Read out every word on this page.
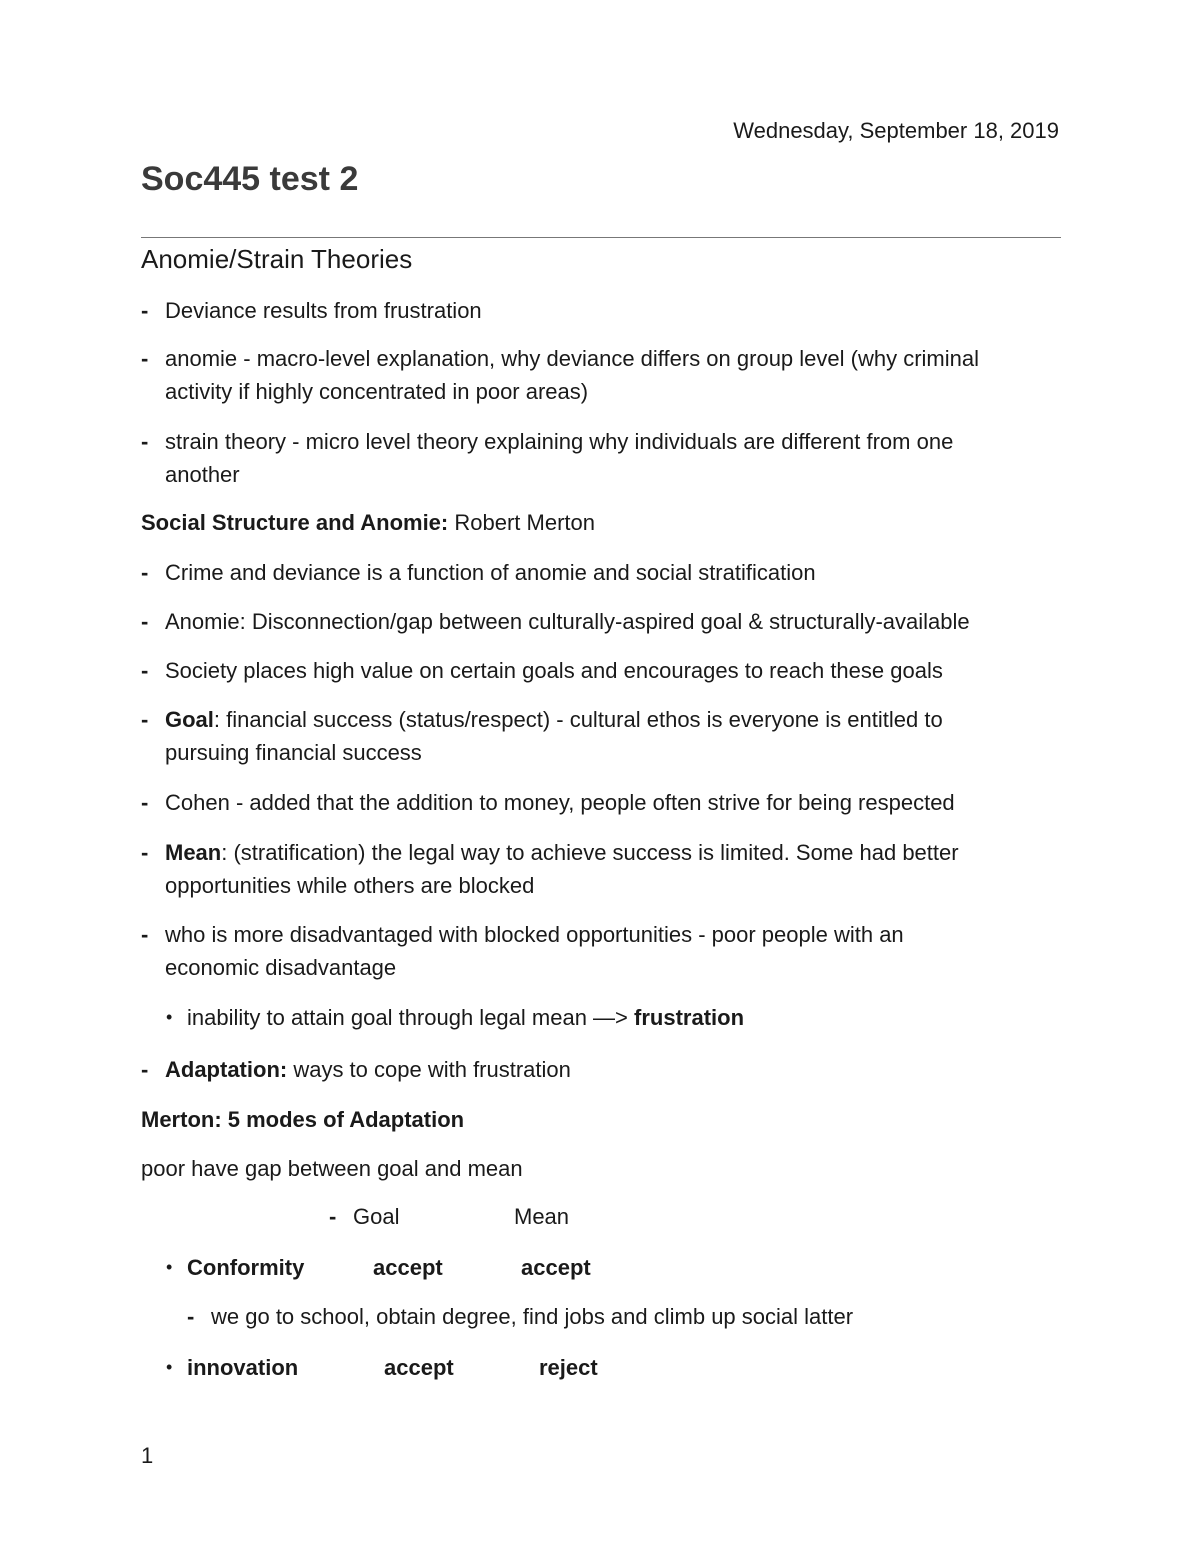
Wednesday, September 18, 2019
Soc445 test 2
Anomie/Strain Theories
- Deviance results from frustration
- anomie - macro-level explanation, why deviance differs on group level (why criminal
activity if highly concentrated in poor areas)
- strain theory - micro level theory explaining why individuals are different from one
another
Social Structure and Anomie: Robert Merton
- Crime and deviance is a function of anomie and social stratification
- Anomie: Disconnection/gap between culturally-aspired goal & structurally-available
- Society places high value on certain goals and encourages to reach these goals
- Goal: financial success (status/respect) - cultural ethos is everyone is entitled to
pursuing financial success
- Cohen - added that the addition to money, people often strive for being respected
- Mean: (stratification) the legal way to achieve success is limited. Some had better
opportunities while others are blocked
- who is more disadvantaged with blocked opportunities - poor people with an
economic disadvantage
• inability to attain goal through legal mean —> frustration
- Adaptation: ways to cope with frustration
Merton: 5 modes of Adaptation
poor have gap between goal and mean
- Goal	Mean
• Conformity	accept	accept
- we go to school, obtain degree, find jobs and climb up social latter
• innovation	accept	reject
1
